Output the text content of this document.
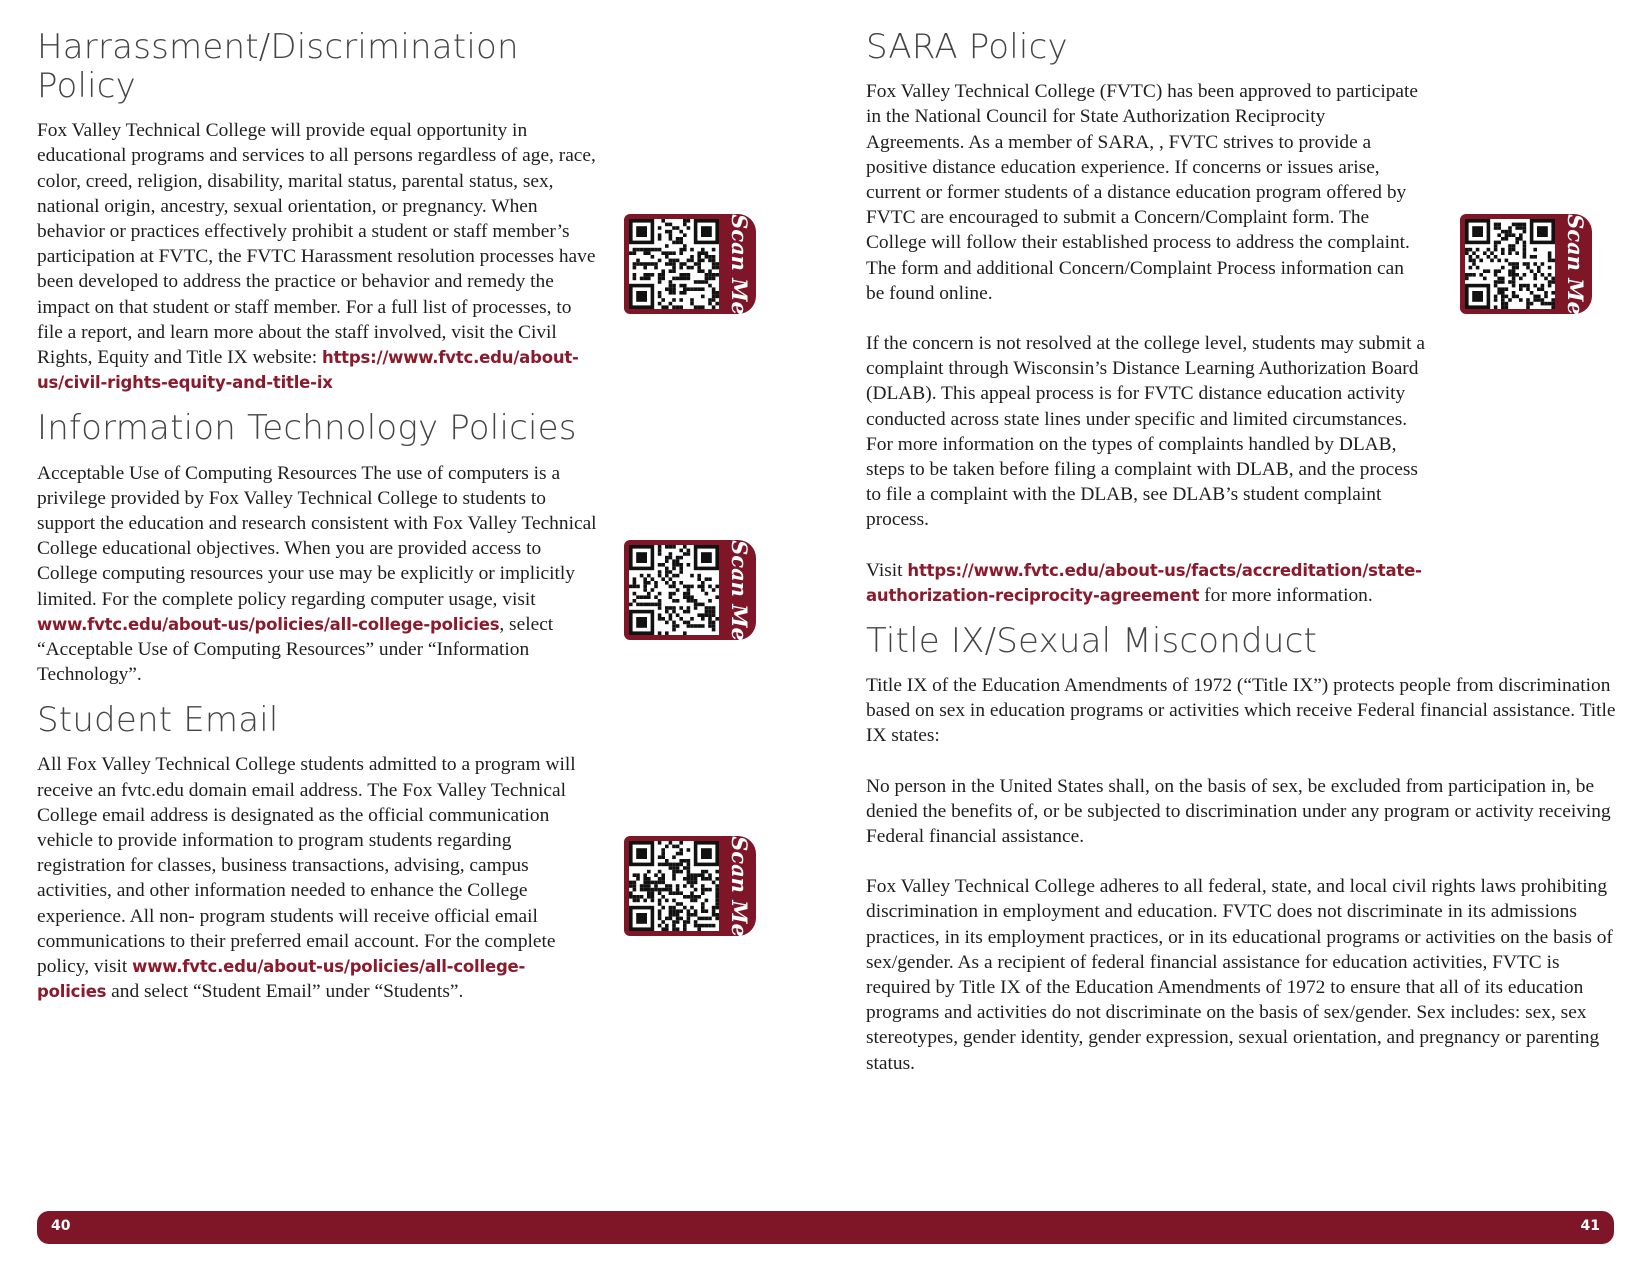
Harrassment/Discrimination Policy

Fox Valley Technical College will provide equal opportunity in educational programs and services to all persons regardless of age, race, color, creed, religion, disability, marital status, parental status, sex, national origin, ancestry, sexual orientation, or pregnancy. When behavior or practices effectively prohibit a student or staff member’s participation at FVTC, the FVTC Harassment resolution processes have been developed to address the practice or behavior and remedy the impact on that student or staff member. For a full list of processes, to file a report, and learn more about the staff involved, visit the Civil Rights, Equity and Title IX website: https://www.fvtc.edu/about-us/civil-rights-equity-and-title-ix

Information Technology Policies

Acceptable Use of Computing Resources The use of computers is a privilege provided by Fox Valley Technical College to students to support the education and research consistent with Fox Valley Technical College educational objectives. When you are provided access to College computing resources your use may be explicitly or implicitly limited. For the complete policy regarding computer usage, visit www.fvtc.edu/about-us/policies/all-college-policies, select “Acceptable Use of Computing Resources” under “Information Technology”.

Student Email

All Fox Valley Technical College students admitted to a program will receive an fvtc.edu domain email address. The Fox Valley Technical College email address is designated as the official communication vehicle to provide information to program students regarding registration for classes, business transactions, advising, campus activities, and other information needed to enhance the College experience. All non- program students will receive official email communications to their preferred email account. For the complete policy, visit www.fvtc.edu/about-us/policies/all-college- policies and select “Student Email” under “Students”.

Scan Me
Scan Me
Scan Me
Scan Me
SARA Policy

Fox Valley Technical College (FVTC) has been approved to participate in the National Council for State Authorization Reciprocity Agreements. As a member of SARA, , FVTC strives to provide a positive distance education experience. If concerns or issues arise, current or former students of a distance education program offered by FVTC are encouraged to submit a Concern/Complaint form. The College will follow their established process to address the complaint. The form and additional Concern/Complaint Process information can be found online.

If the concern is not resolved at the college level, students may submit a complaint through Wisconsin’s Distance Learning Authorization Board (DLAB). This appeal process is for FVTC distance education activity conducted across state lines under specific and limited circumstances. For more information on the types of complaints handled by DLAB, steps to be taken before filing a complaint with DLAB, and the process to file a complaint with the DLAB, see DLAB’s student complaint process.

Visit https://www.fvtc.edu/about-us/facts/accreditation/state-authorization-reciprocity-agreement for more information.

Title IX/Sexual Misconduct

Title IX of the Education Amendments of 1972 (“Title IX”) protects people from discrimination based on sex in education programs or activities which receive Federal financial assistance. Title IX states:

No person in the United States shall, on the basis of sex, be excluded from participation in, be denied the benefits of, or be subjected to discrimination under any program or activity receiving Federal financial assistance.

Fox Valley Technical College adheres to all federal, state, and local civil rights laws prohibiting discrimination in employment and education. FVTC does not discriminate in its admissions practices, in its employment practices, or in its educational programs or activities on the basis of sex/gender. As a recipient of federal financial assistance for education activities, FVTC is required by Title IX of the Education Amendments of 1972 to ensure that all of its education programs and activities do not discriminate on the basis of sex/gender. Sex includes: sex, sex stereotypes, gender identity, gender expression, sexual orientation, and pregnancy or parenting status.

40	41
